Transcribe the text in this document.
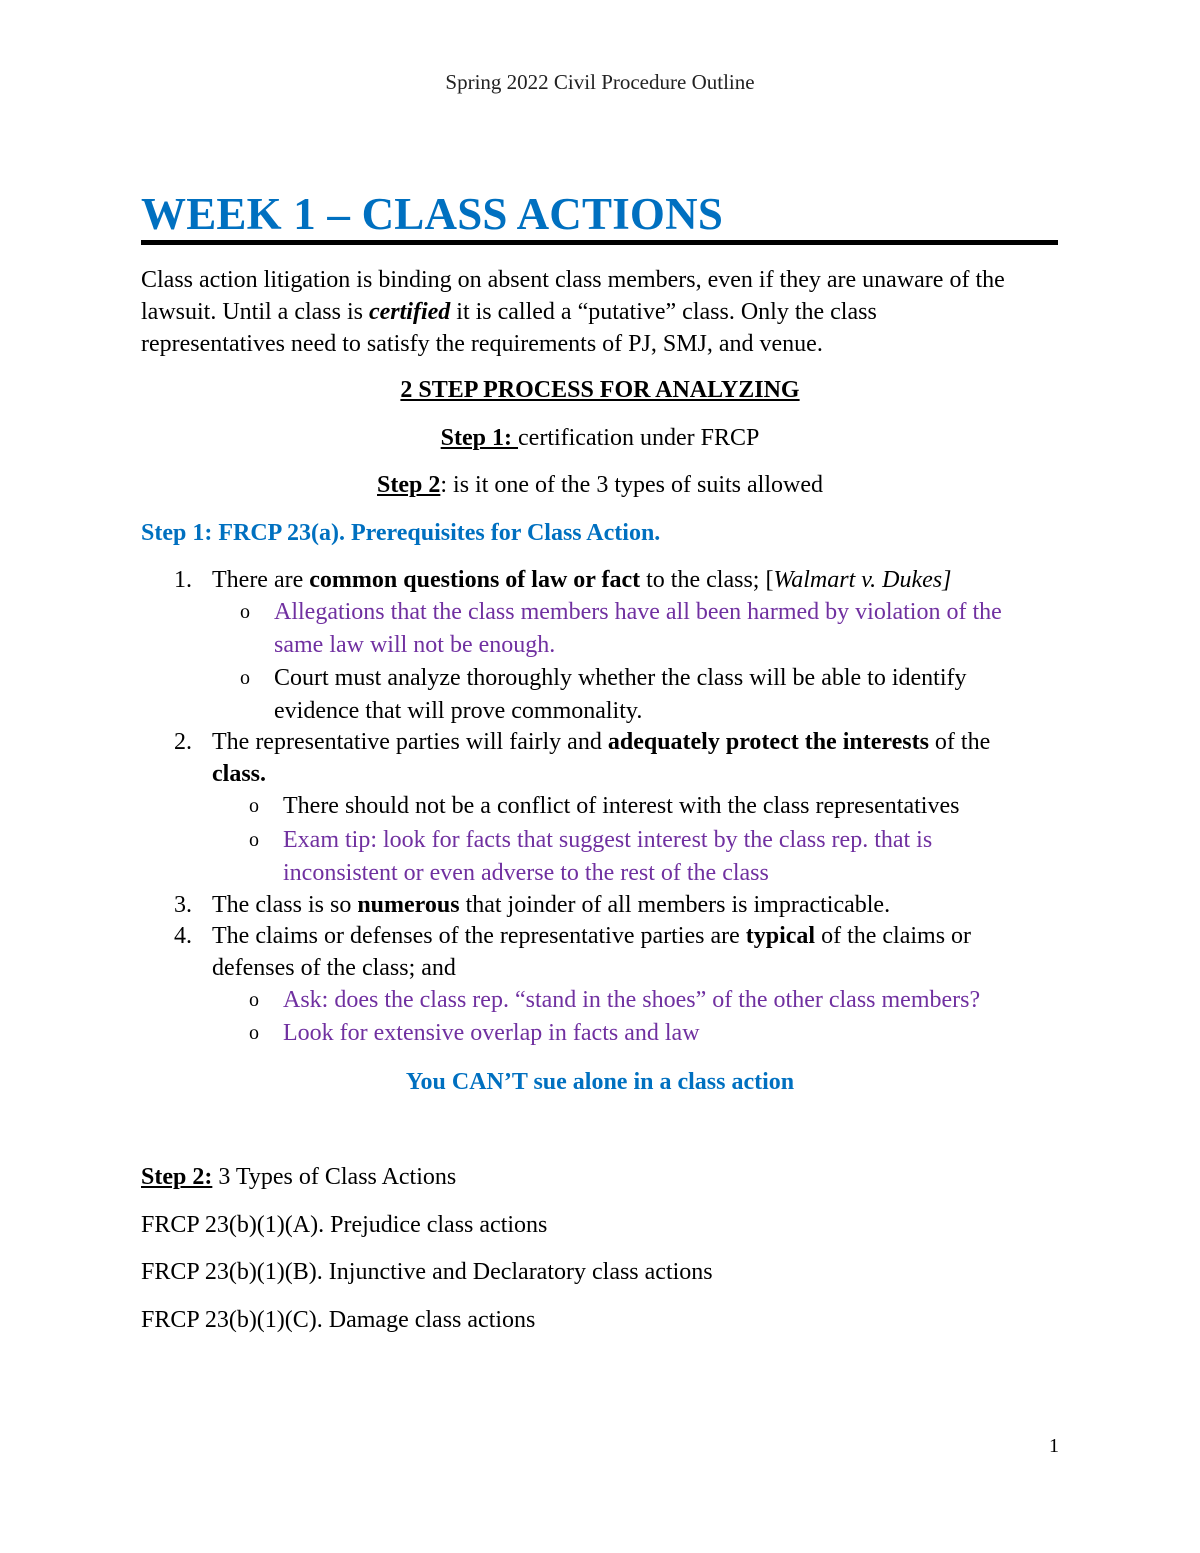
Spring 2022 Civil Procedure Outline
WEEK 1 – CLASS ACTIONS
Class action litigation is binding on absent class members, even if they are unaware of the
lawsuit. Until a class is certified it is called a “putative” class. Only the class
representatives need to satisfy the requirements of PJ, SMJ, and venue.
2 STEP PROCESS FOR ANALYZING
Step 1: certification under FRCP
Step 2: is it one of the 3 types of suits allowed
Step 1: FRCP 23(a). Prerequisites for Class Action.
1. There are common questions of law or fact to the class; [Walmart v. Dukes]
o Allegations that the class members have all been harmed by violation of the
same law will not be enough.
o Court must analyze thoroughly whether the class will be able to identify
evidence that will prove commonality.
2. The representative parties will fairly and adequately protect the interests of the
class.
o There should not be a conflict of interest with the class representatives
o Exam tip: look for facts that suggest interest by the class rep. that is
inconsistent or even adverse to the rest of the class
3. The class is so numerous that joinder of all members is impracticable.
4. The claims or defenses of the representative parties are typical of the claims or
defenses of the class; and
o Ask: does the class rep. “stand in the shoes” of the other class members?
o Look for extensive overlap in facts and law
You CAN’T sue alone in a class action
Step 2: 3 Types of Class Actions
FRCP 23(b)(1)(A). Prejudice class actions
FRCP 23(b)(1)(B). Injunctive and Declaratory class actions
FRCP 23(b)(1)(C). Damage class actions
1
